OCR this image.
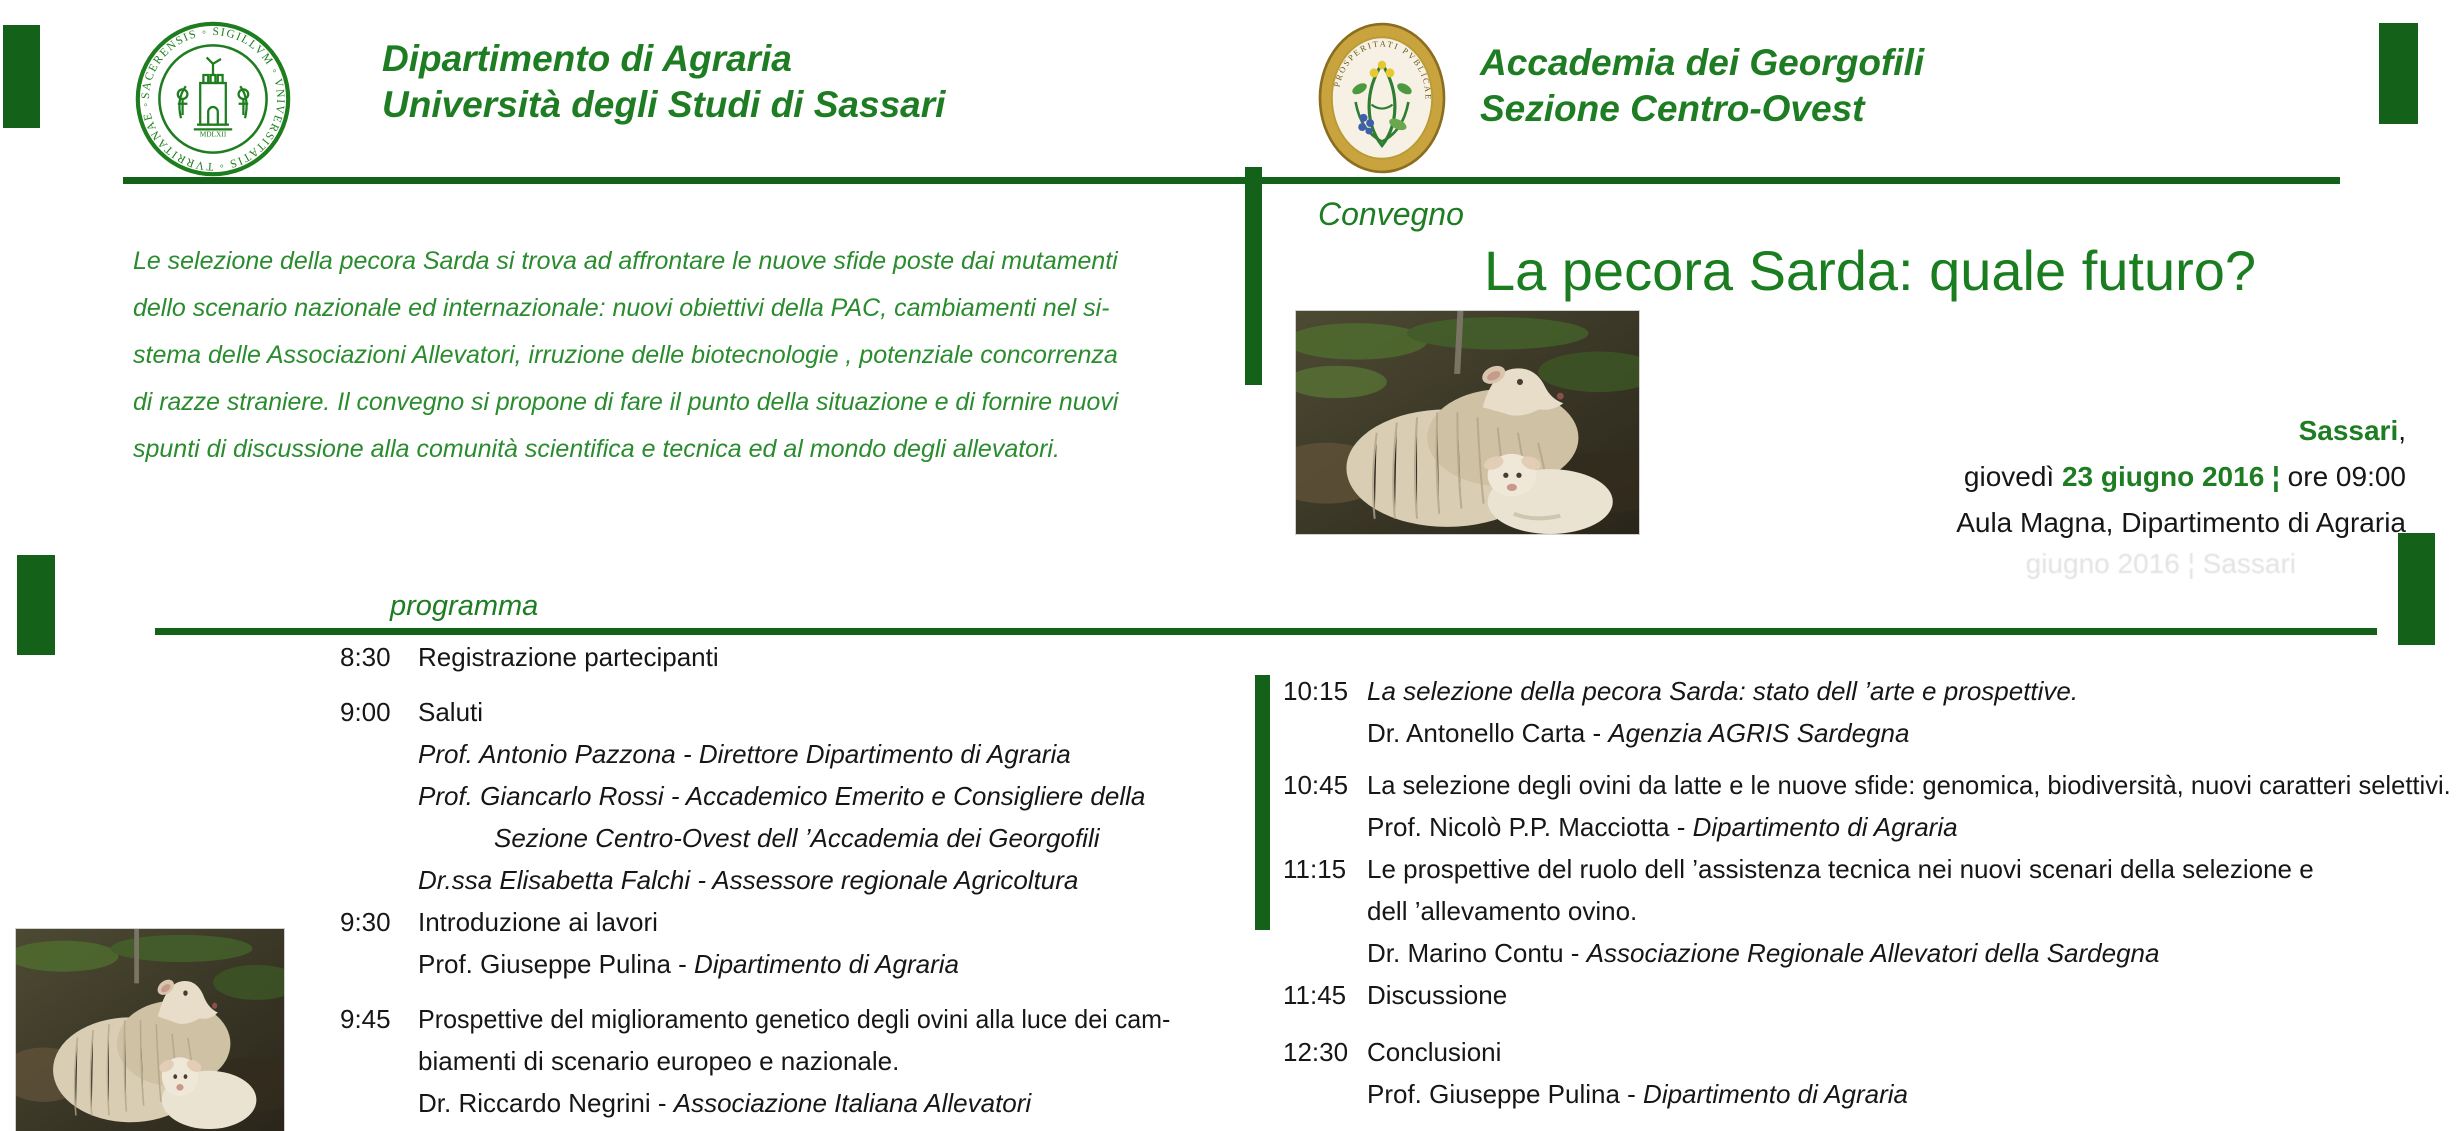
SACERENSIS ◦ SIGILLVM ◦ VNIVERSITATIS ◦ TVRRITANAE ◦
MDLXII
Dipartimento di Agraria
Università degli Studi di Sassari
PROSPERITATI PVBLICAE
Accademia dei Georgofili
Sezione Centro-Ovest
Le selezione della pecora Sarda si trova ad affrontare le nuove sfide poste dai mutamenti
dello scenario nazionale ed internazionale: nuovi obiettivi della PAC, cambiamenti nel si-
stema delle Associazioni Allevatori, irruzione delle biotecnologie , potenziale concorrenza
di razze straniere. Il convegno si propone di fare il punto della situazione e di fornire nuovi
spunti di discussione alla comunità scientifica e tecnica ed al mondo degli allevatori.
Convegno
La pecora Sarda: quale futuro?
Sassari,
giovedì 23 giugno 2016 ¦ ore 09:00
Aula Magna, Dipartimento di Agraria
giugno 2016 ¦ Sassari
programma
8:30	Registrazione partecipanti
9:00	Saluti
Prof. Antonio Pazzona - Direttore Dipartimento di Agraria
Prof. Giancarlo Rossi - Accademico Emerito e Consigliere della
Sezione Centro-Ovest dell ’Accademia dei Georgofili
Dr.ssa Elisabetta Falchi - Assessore regionale Agricoltura
9:30	Introduzione ai lavori
Prof. Giuseppe Pulina - Dipartimento di Agraria
9:45	Prospettive del miglioramento genetico degli ovini alla luce dei cam-
biamenti di scenario europeo e nazionale.
Dr. Riccardo Negrini - Associazione Italiana Allevatori
10:15 La selezione della pecora Sarda: stato dell ’arte e prospettive.
Dr. Antonello Carta - Agenzia AGRIS Sardegna
10:45 La selezione degli ovini da latte e le nuove sfide: genomica, biodiversità, nuovi caratteri selettivi.
Prof. Nicolò P.P. Macciotta - Dipartimento di Agraria
11:15 Le prospettive del ruolo dell ’assistenza tecnica nei nuovi scenari della selezione e
dell ’allevamento ovino.
Dr. Marino Contu - Associazione Regionale Allevatori della Sardegna
11:45 Discussione
12:30 Conclusioni
Prof. Giuseppe Pulina - Dipartimento di Agraria
